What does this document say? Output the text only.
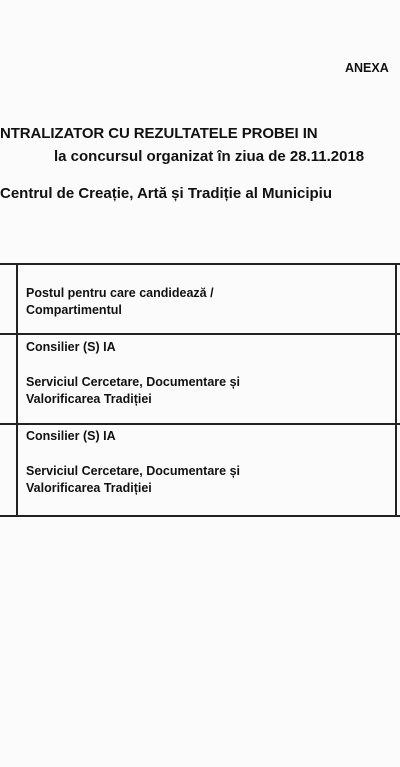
ANEXA
NTRALIZATOR CU REZULTATELE PROBEI IN
la concursul organizat în ziua de 28.11.2018
Centrul de Creație, Artă și Tradiție al Municipiu
Postul pentru care candidează /
Compartimentul
Consilier (S) IA
Serviciul Cercetare, Documentare și
Valorificarea Tradiției
Consilier (S) IA
Serviciul Cercetare, Documentare și
Valorificarea Tradiției
